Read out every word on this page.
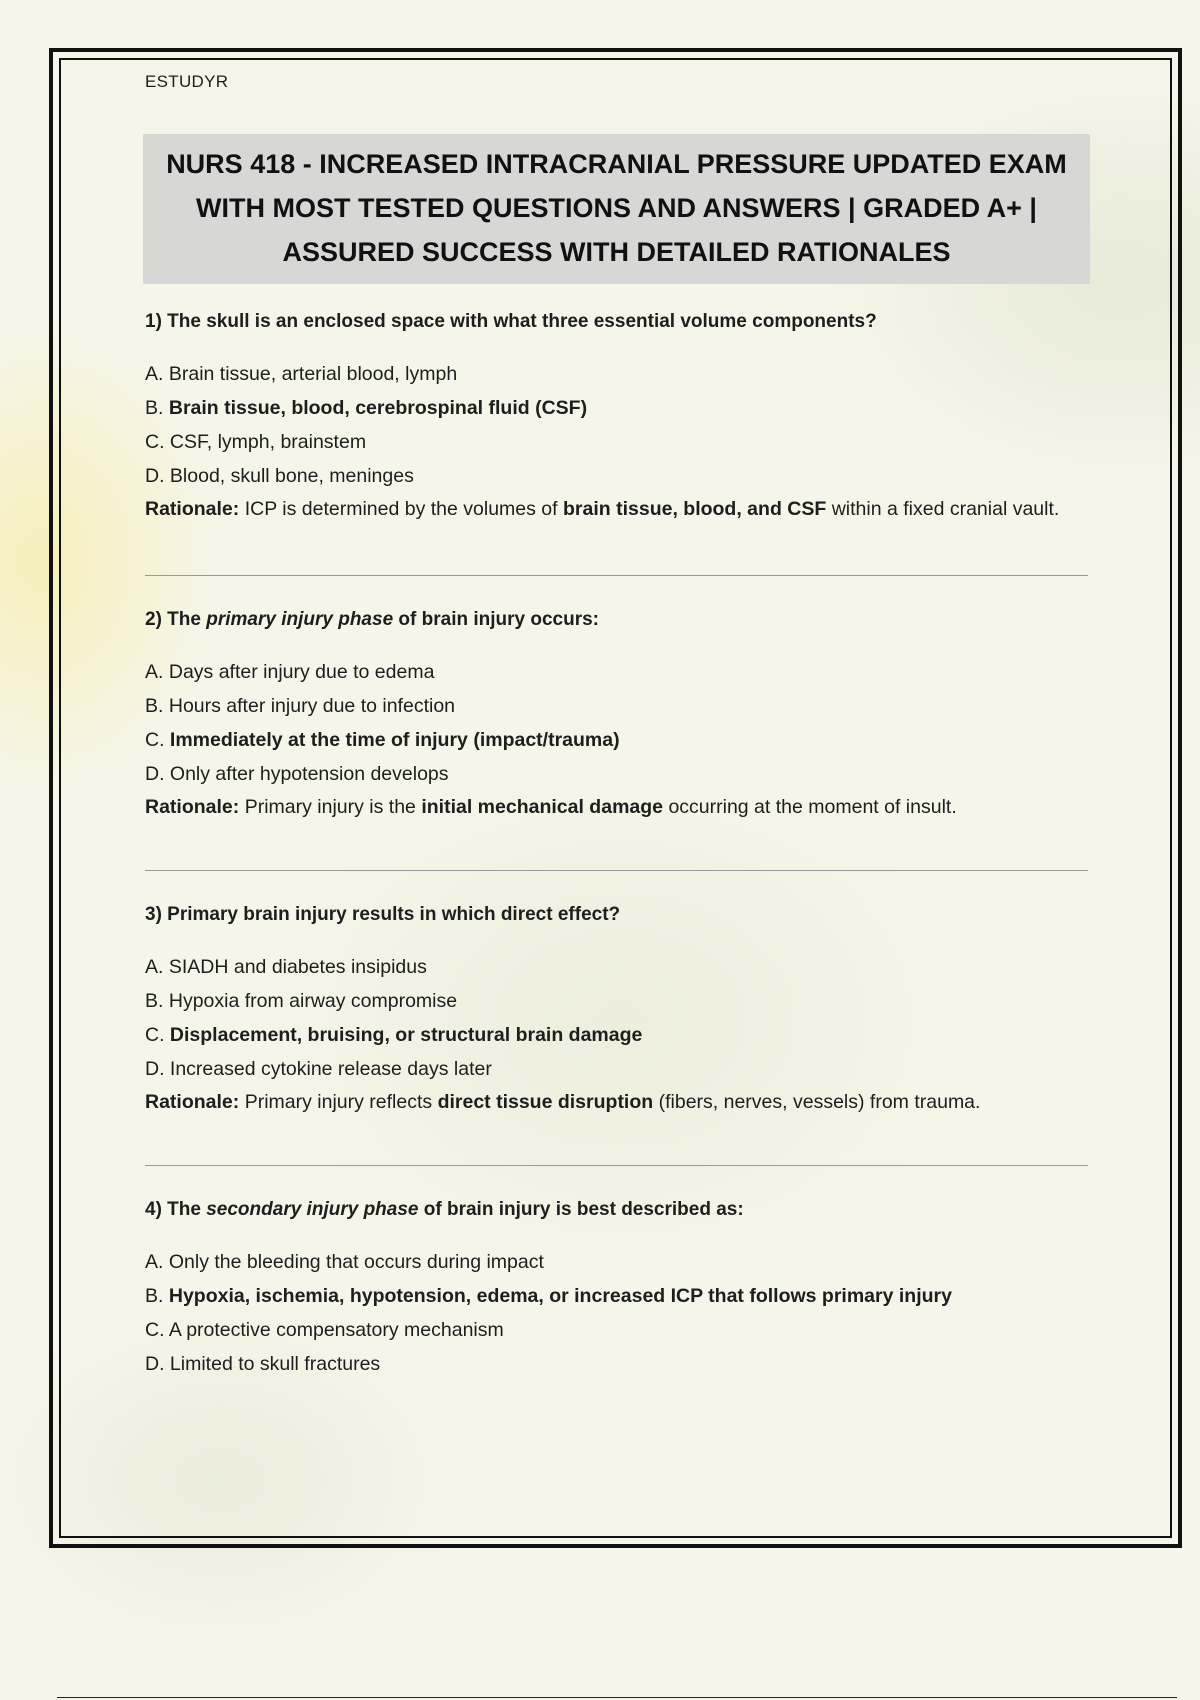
ESTUDYR

NURS 418 - INCREASED INTRACRANIAL PRESSURE UPDATED EXAM
WITH MOST TESTED QUESTIONS AND ANSWERS | GRADED A+ |
ASSURED SUCCESS WITH DETAILED RATIONALES

1) The skull is an enclosed space with what three essential volume components?

A. Brain tissue, arterial blood, lymph
B. Brain tissue, blood, cerebrospinal fluid (CSF)
C. CSF, lymph, brainstem
D. Blood, skull bone, meninges
Rationale: ICP is determined by the volumes of brain tissue, blood, and CSF within a fixed cranial vault.

2) The primary injury phase of brain injury occurs:

A. Days after injury due to edema
B. Hours after injury due to infection
C. Immediately at the time of injury (impact/trauma)
D. Only after hypotension develops
Rationale: Primary injury is the initial mechanical damage occurring at the moment of insult.

3) Primary brain injury results in which direct effect?

A. SIADH and diabetes insipidus
B. Hypoxia from airway compromise
C. Displacement, bruising, or structural brain damage
D. Increased cytokine release days later
Rationale: Primary injury reflects direct tissue disruption (fibers, nerves, vessels) from trauma.

4) The secondary injury phase of brain injury is best described as:

A. Only the bleeding that occurs during impact
B. Hypoxia, ischemia, hypotension, edema, or increased ICP that follows primary injury
C. A protective compensatory mechanism
D. Limited to skull fractures
